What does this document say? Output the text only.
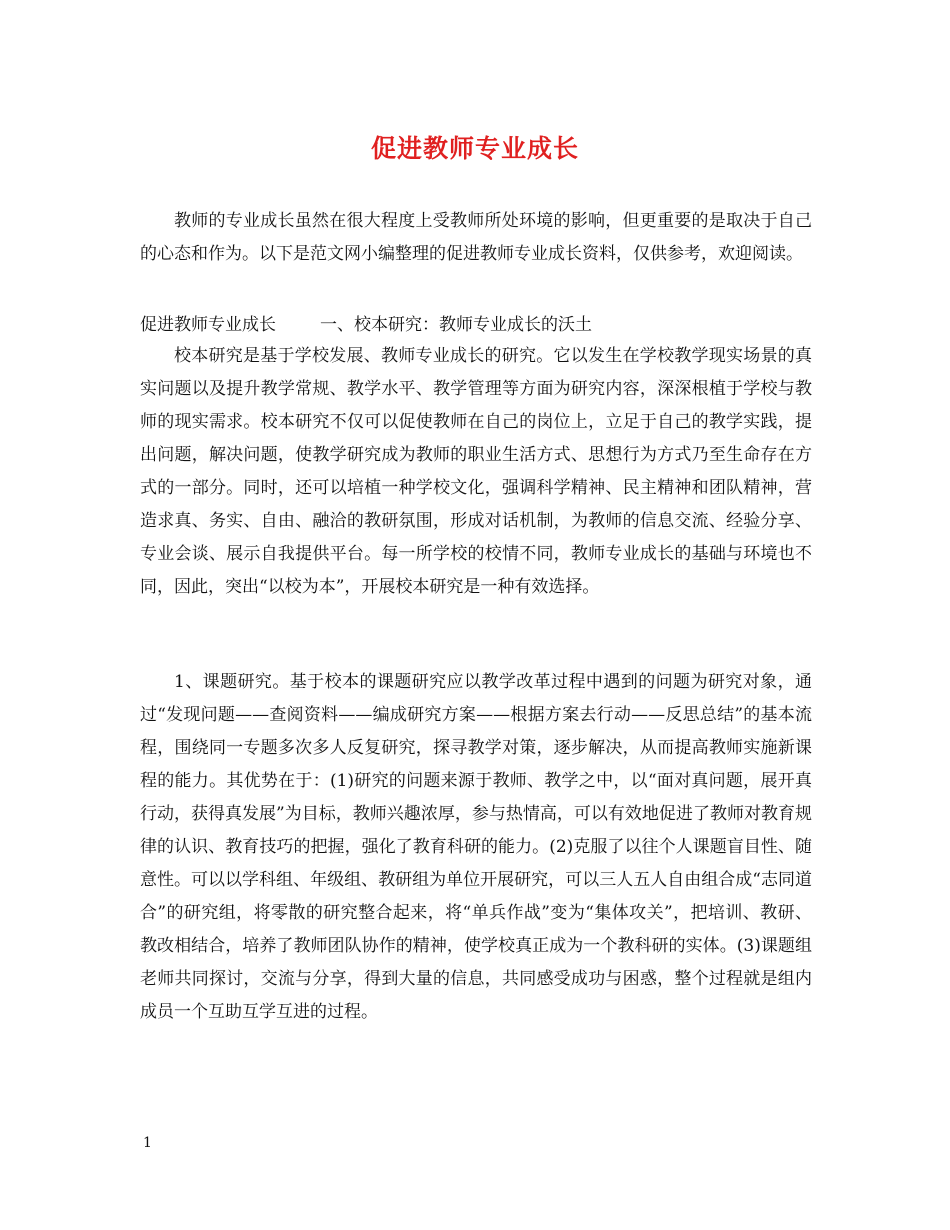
促进教师专业成长

教师的专业成长虽然在很大程度上受教师所处环境的影响，但更重要的是取决于自己的心态和作为。以下是范文网小编整理的促进教师专业成长资料，仅供参考，欢迎阅读。

促进教师专业成长	一、校本研究：教师专业成长的沃土

校本研究是基于学校发展、教师专业成长的研究。它以发生在学校教学现实场景的真实问题以及提升教学常规、教学水平、教学管理等方面为研究内容，深深根植于学校与教师的现实需求。校本研究不仅可以促使教师在自己的岗位上，立足于自己的教学实践，提出问题，解决问题，使教学研究成为教师的职业生活方式、思想行为方式乃至生命存在方式的一部分。同时，还可以培植一种学校文化，强调科学精神、民主精神和团队精神，营造求真、务实、自由、融洽的教研氛围，形成对话机制，为教师的信息交流、经验分享、专业会谈、展示自我提供平台。每一所学校的校情不同，教师专业成长的基础与环境也不同，因此，突出“以校为本”，开展校本研究是一种有效选择。

1、课题研究。基于校本的课题研究应以教学改革过程中遇到的问题为研究对象，通过“发现问题——查阅资料——编成研究方案——根据方案去行动——反思总结”的基本流程，围绕同一专题多次多人反复研究，探寻教学对策，逐步解决，从而提高教师实施新课程的能力。其优势在于：(1)研究的问题来源于教师、教学之中，以“面对真问题，展开真行动，获得真发展”为目标，教师兴趣浓厚，参与热情高，可以有效地促进了教师对教育规律的认识、教育技巧的把握，强化了教育科研的能力。(2)克服了以往个人课题盲目性、随意性。可以以学科组、年级组、教研组为单位开展研究，可以三人五人自由组合成“志同道合”的研究组，将零散的研究整合起来，将“单兵作战”变为“集体攻关”，把培训、教研、教改相结合，培养了教师团队协作的精神，使学校真正成为一个教科研的实体。(3)课题组老师共同探讨，交流与分享，得到大量的信息，共同感受成功与困惑，整个过程就是组内成员一个互助互学互进的过程。

1
